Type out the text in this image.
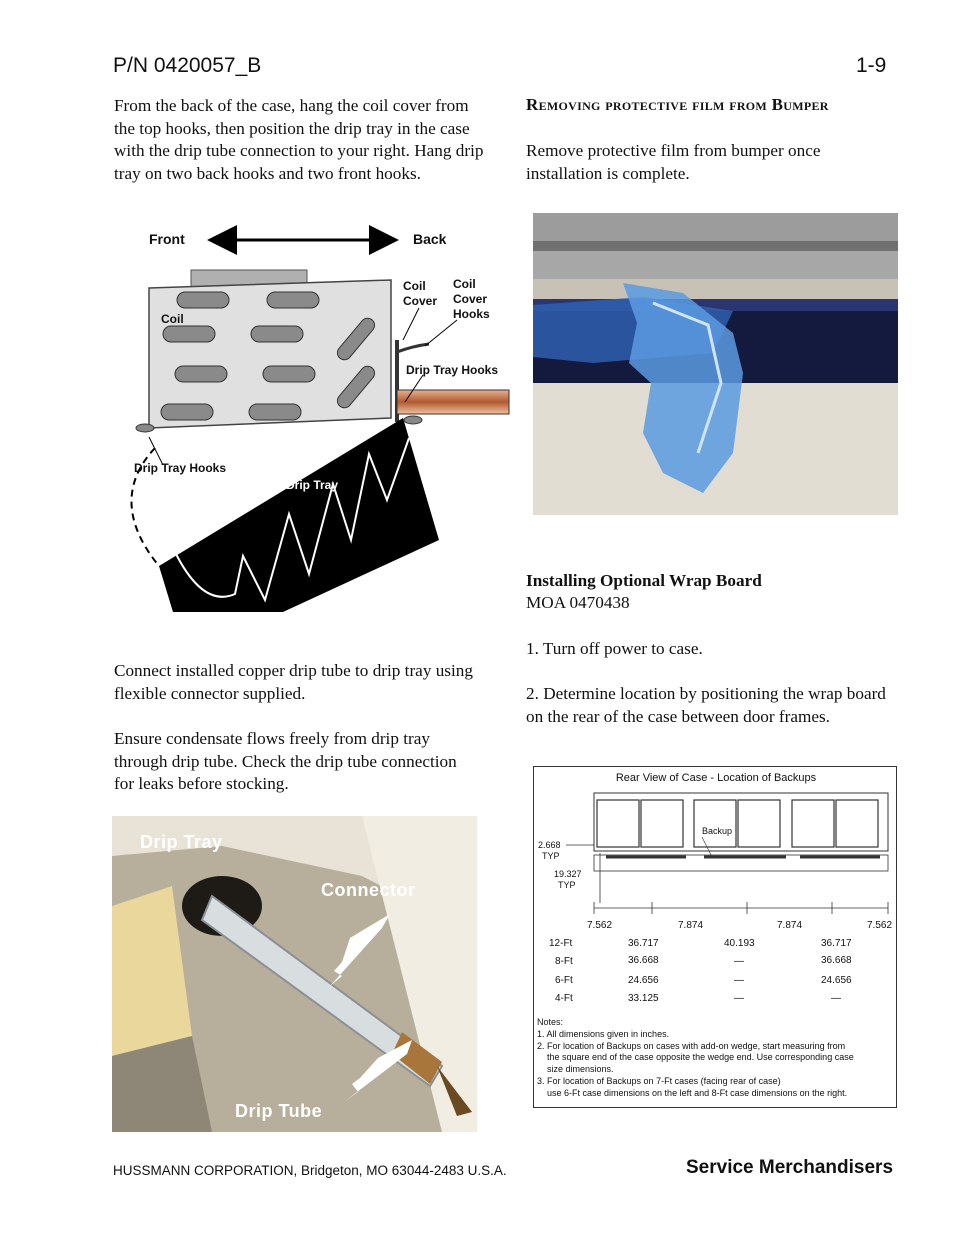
P/N 0420057_B	1-9
From the back of the case, hang the coil cover from the top hooks, then position the drip tray in the case with the drip tube connection to your right. Hang drip tray on two back hooks and two front hooks.
Front	Back
Coil
Coil Cover
Coil Cover Hooks
Drip Tray Hooks
Drip Tray Hooks
Drip Tray
Connect installed copper drip tube to drip tray using flexible connector supplied.
Ensure condensate flows freely from drip tray through drip tube. Check the drip tube connection for leaks before stocking.
Drip Tray
Connector
Drip Tube
Removing protective film from Bumper
Remove protective film from bumper once installation is complete.
Installing Optional Wrap Board
MOA 0470438
1. Turn off power to case.
2. Determine location by positioning the wrap board on the rear of the case between door frames.
Rear View of Case - Location of Backups
Backup
2.668
TYP
19.327
TYP
7.562	7.874	7.874	7.562
12-Ft	36.717	40.193	36.717
8-Ft	36.668	—	36.668
6-Ft	24.656	—	24.656
4-Ft	33.125	—	—
Notes:
1. All dimensions given in inches.
2. For location of Backups on cases with add-on wedge, start measuring from
the square end of the case opposite the wedge end. Use corresponding case
size dimensions.
3. For location of Backups on 7-Ft cases (facing rear of case)
use 6-Ft case dimensions on the left and 8-Ft case dimensions on the right.
HUSSMANN CORPORATION, Bridgeton, MO 63044-2483 U.S.A.	Service Merchandisers
